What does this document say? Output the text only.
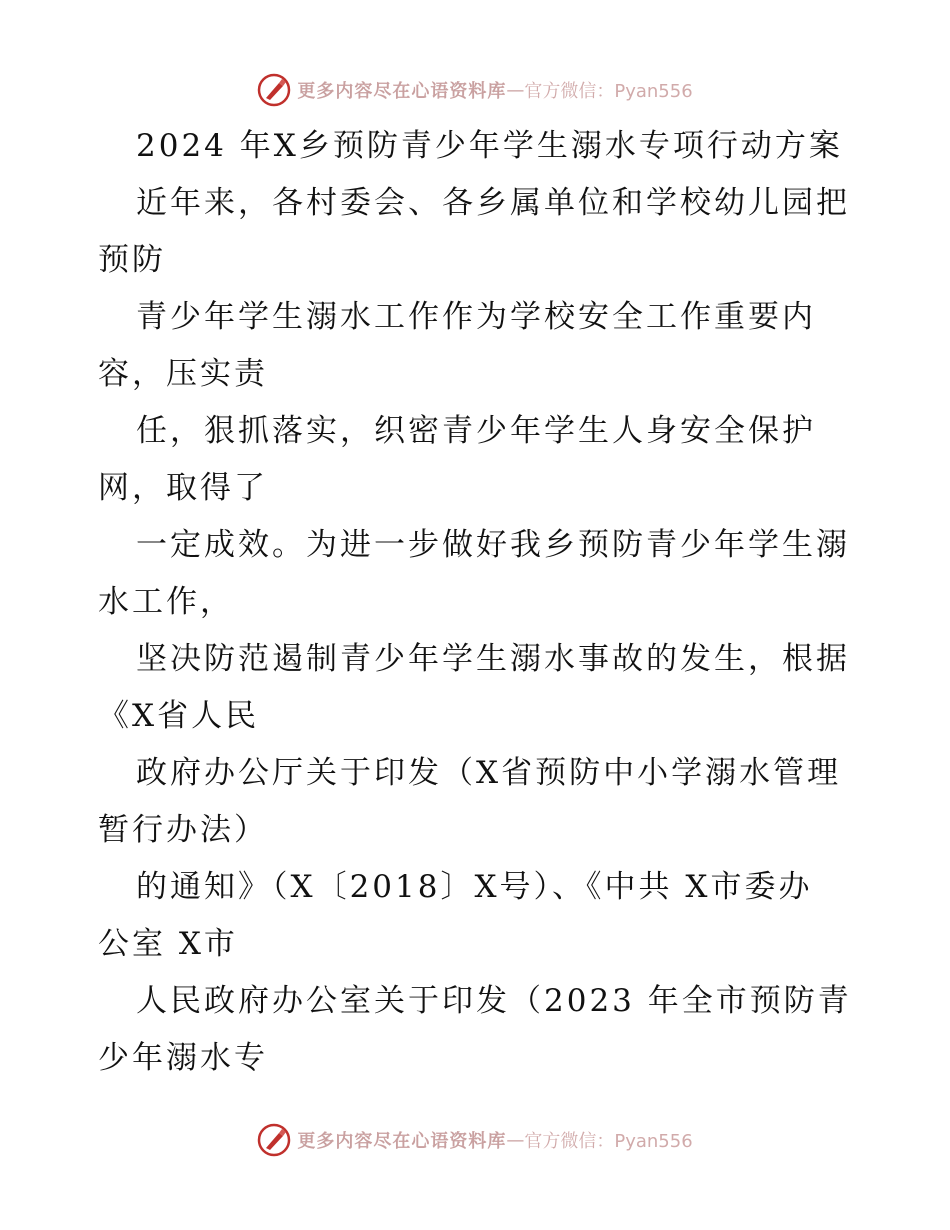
更多内容尽在心语资料库 — 官方微信：Pyan556
2024 年X乡预防青少年学生溺水专项行动方案
近年来，各村委会、各乡属单位和学校幼儿园把
预防
青少年学生溺水工作作为学校安全工作重要内
容，压实责
任，狠抓落实，织密青少年学生人身安全保护
网，取得了
一定成效。为进一步做好我乡预防青少年学生溺
水工作，
坚决防范遏制青少年学生溺水事故的发生，根据
《X省人民
政府办公厅关于印发（X省预防中小学溺水管理
暂行办法）
的通知》（X〔2018〕X号）、《中共 X市委办
公室 X市
人民政府办公室关于印发（2023 年全市预防青
少年溺水专
更多内容尽在心语资料库 — 官方微信：Pyan556
